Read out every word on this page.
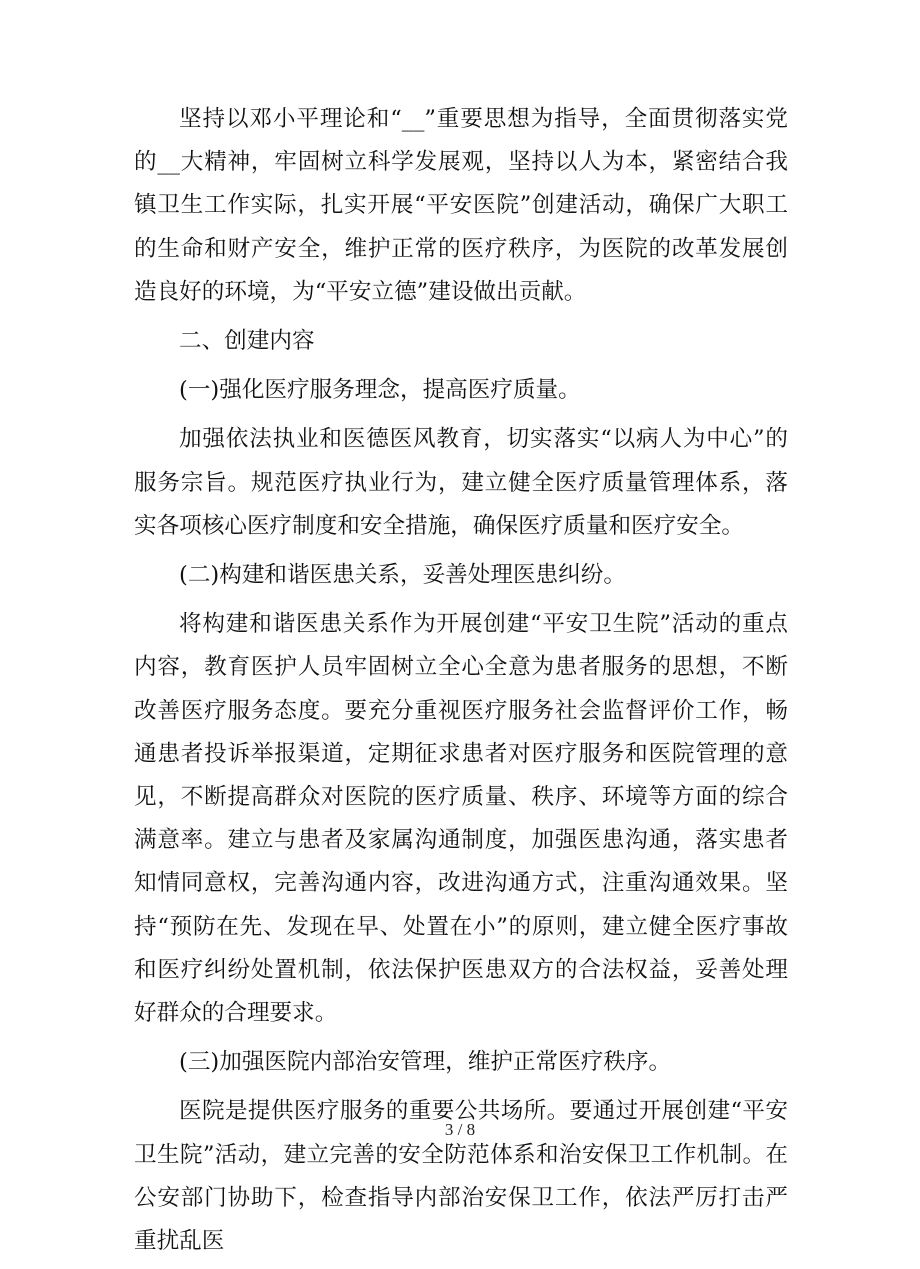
坚持以邓小平理论和“__”重要思想为指导，全面贯彻落实党的__大精神，牢固树立科学发展观，坚持以人为本，紧密结合我镇卫生工作实际，扎实开展“平安医院”创建活动，确保广大职工的生命和财产安全，维护正常的医疗秩序，为医院的改革发展创造良好的环境，为“平安立德”建设做出贡献。

二、创建内容

(一)强化医疗服务理念，提高医疗质量。

加强依法执业和医德医风教育，切实落实“以病人为中心”的服务宗旨。规范医疗执业行为，建立健全医疗质量管理体系，落实各项核心医疗制度和安全措施，确保医疗质量和医疗安全。

(二)构建和谐医患关系，妥善处理医患纠纷。

将构建和谐医患关系作为开展创建“平安卫生院”活动的重点内容，教育医护人员牢固树立全心全意为患者服务的思想，不断改善医疗服务态度。要充分重视医疗服务社会监督评价工作，畅通患者投诉举报渠道，定期征求患者对医疗服务和医院管理的意见，不断提高群众对医院的医疗质量、秩序、环境等方面的综合满意率。建立与患者及家属沟通制度，加强医患沟通，落实患者知情同意权，完善沟通内容，改进沟通方式，注重沟通效果。坚持“预防在先、发现在早、处置在小”的原则，建立健全医疗事故和医疗纠纷处置机制，依法保护医患双方的合法权益，妥善处理好群众的合理要求。

(三)加强医院内部治安管理，维护正常医疗秩序。

医院是提供医疗服务的重要公共场所。要通过开展创建“平安卫生院”活动，建立完善的安全防范体系和治安保卫工作机制。在公安部门协助下，检查指导内部治安保卫工作，依法严厉打击严重扰乱医

3 / 8
